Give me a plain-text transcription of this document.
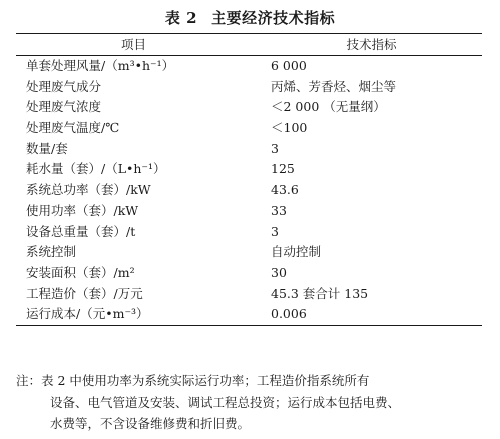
表 2 主要经济技术指标
项目	技术指标
单套处理风量/（m³•h⁻¹）	6 000
处理废气成分	丙烯、芳香烃、烟尘等
处理废气浓度	＜2 000 （无量纲）
处理废气温度/℃	＜100
数量/套	3
耗水量（套）/（L•h⁻¹）	125
系统总功率（套）/kW	43.6
使用功率（套）/kW	33
设备总重量（套）/t	3
系统控制	自动控制
安装面积（套）/m²	30
工程造价（套）/万元	45.3 套合计 135
运行成本/（元•m⁻³）	0.006
注：表 2 中使用功率为系统实际运行功率；工程造价指系统所有
设备、电气管道及安装、调试工程总投资；运行成本包括电费、
水费等，不含设备维修费和折旧费。
